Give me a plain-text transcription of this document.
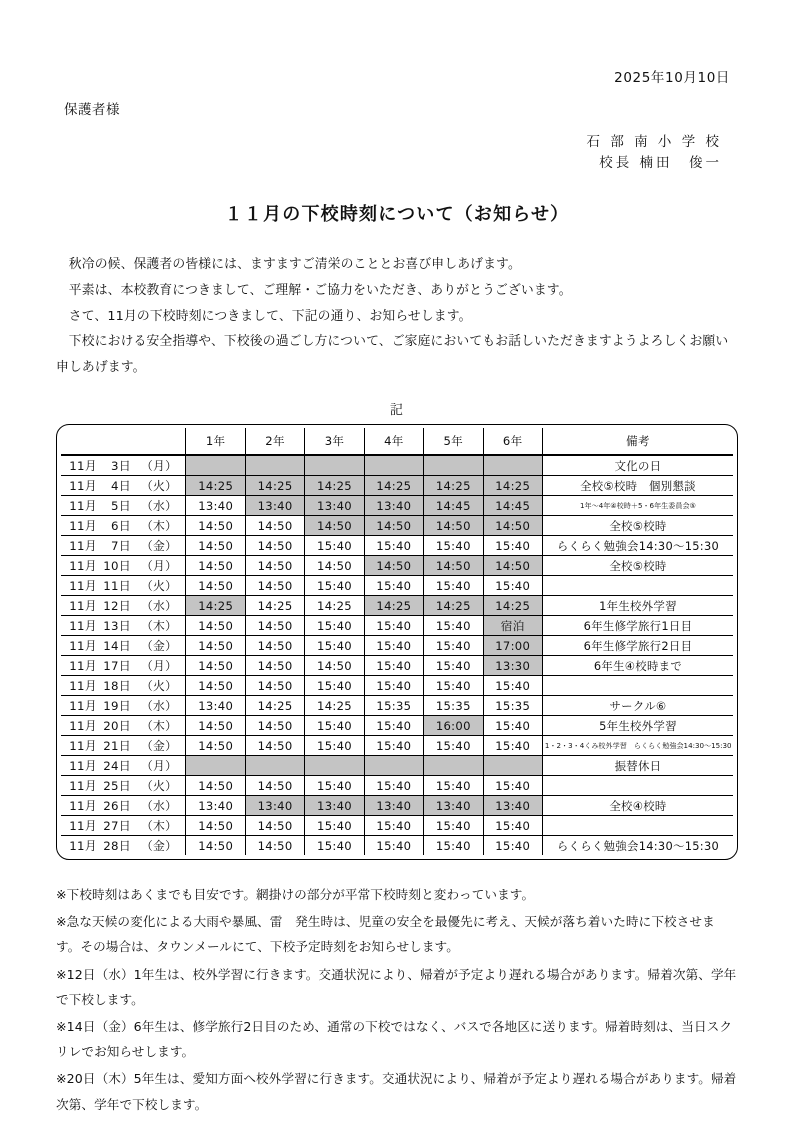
2025年10月10日
保護者様
石 部 南 小 学 校
校長 楠田　俊一
１１月の下校時刻について（お知らせ）

秋冷の候、保護者の皆様には、ますますご清栄のこととお喜び申しあげます。

平素は、本校教育につきまして、ご理解・ご協力をいただき、ありがとうございます。

さて、11月の下校時刻につきまして、下記の通り、お知らせします。

下校における安全指導や、下校後の過ごし方について、ご家庭においてもお話しいただきますようよろしくお願い申しあげます。

記
	1年	2年	3年	4年	5年	6年	備考
11月 3日 （月）							文化の日
11月 4日 （火）	14:25	14:25	14:25	14:25	14:25	14:25	全校⑤校時　個別懇談
11月 5日 （水）	13:40	13:40	13:40	13:40	14:45	14:45	1年～4年④校時＋5・6年生委員会⑤
11月 6日 （木）	14:50	14:50	14:50	14:50	14:50	14:50	全校⑤校時
11月 7日 （金）	14:50	14:50	15:40	15:40	15:40	15:40	らくらく勉強会14:30～15:30
11月 10日 （月）	14:50	14:50	14:50	14:50	14:50	14:50	全校⑤校時
11月 11日 （火）	14:50	14:50	15:40	15:40	15:40	15:40	
11月 12日 （水）	14:25	14:25	14:25	14:25	14:25	14:25	1年生校外学習
11月 13日 （木）	14:50	14:50	15:40	15:40	15:40	宿泊	6年生修学旅行1日目
11月 14日 （金）	14:50	14:50	15:40	15:40	15:40	17:00	6年生修学旅行2日目
11月 17日 （月）	14:50	14:50	14:50	15:40	15:40	13:30	6年生④校時まで
11月 18日 （火）	14:50	14:50	15:40	15:40	15:40	15:40	
11月 19日 （水）	13:40	14:25	14:25	15:35	15:35	15:35	サークル⑥
11月 20日 （木）	14:50	14:50	15:40	15:40	16:00	15:40	5年生校外学習
11月 21日 （金）	14:50	14:50	15:40	15:40	15:40	15:40	1・2・3・4くみ校外学習　らくらく勉強会14:30～15:30
11月 24日 （月）							振替休日
11月 25日 （火）	14:50	14:50	15:40	15:40	15:40	15:40	
11月 26日 （水）	13:40	13:40	13:40	13:40	13:40	13:40	全校④校時
11月 27日 （木）	14:50	14:50	15:40	15:40	15:40	15:40	
11月 28日 （金）	14:50	14:50	15:40	15:40	15:40	15:40	らくらく勉強会14:30～15:30

※下校時刻はあくまでも目安です。網掛けの部分が平常下校時刻と変わっています。

※急な天候の変化による大雨や暴風、雷　発生時は、児童の安全を最優先に考え、天候が落ち着いた時に下校させます。その場合は、タウンメールにて、下校予定時刻をお知らせします。

※12日（水）1年生は、校外学習に行きます。交通状況により、帰着が予定より遅れる場合があります。帰着次第、学年で下校します。

※14日（金）6年生は、修学旅行2日目のため、通常の下校ではなく、バスで各地区に送ります。帰着時刻は、当日スクリレでお知らせします。

※20日（木）5年生は、愛知方面へ校外学習に行きます。交通状況により、帰着が予定より遅れる場合があります。帰着次第、学年で下校します。
